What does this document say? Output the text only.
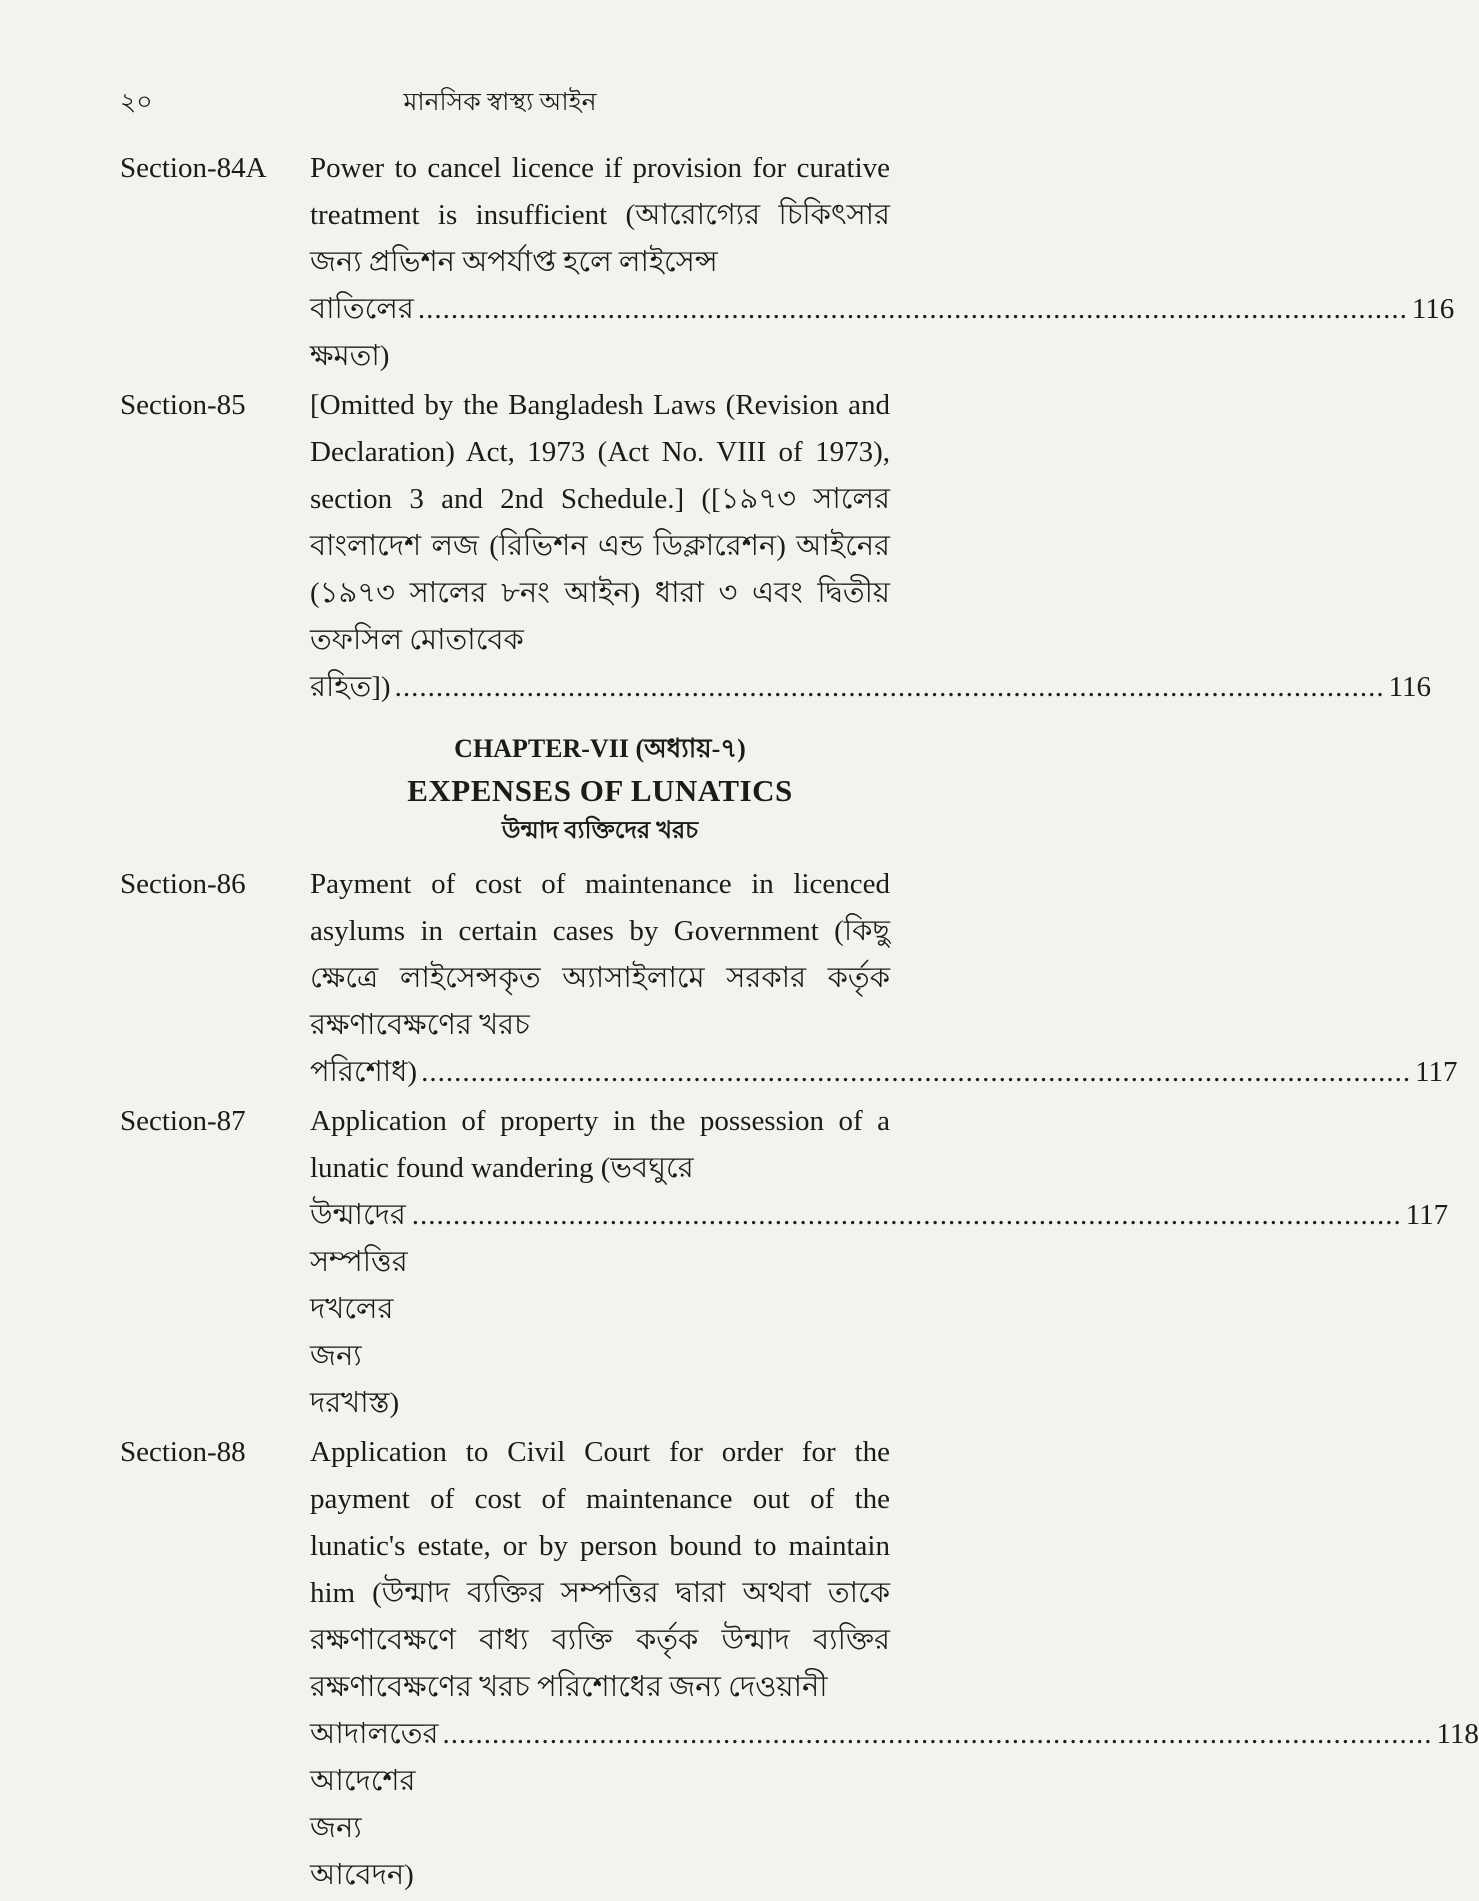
২০	মানসিক স্বাস্থ্য আইন
Section-84A	Power to cancel licence if provision for curative treatment is insufficient (আরোগ্যের চিকিৎসার জন্য প্রভিশন অপর্যাপ্ত হলে লাইসেন্স
বাতিলের ক্ষমতা)
........................................................................................................................ 116
Section-85	[Omitted by the Bangladesh Laws (Revision and Declaration) Act, 1973 (Act No. VIII of 1973), section 3 and 2nd Schedule.] ([১৯৭৩ সালের বাংলাদেশ লজ (রিভিশন এন্ড ডিক্লারেশন) আইনের (১৯৭৩ সালের ৮নং আইন) ধারা ৩ এবং দ্বিতীয় তফসিল মোতাবেক
রহিত]) ........................................................................................................................ 116
CHAPTER-VII (অধ্যায়-৭)
EXPENSES OF LUNATICS
উন্মাদ ব্যক্তিদের খরচ
Section-86	Payment of cost of maintenance in licenced asylums in certain cases by Government (কিছু ক্ষেত্রে লাইসেন্সকৃত অ্যাসাইলামে সরকার কর্তৃক রক্ষণাবেক্ষণের খরচ
পরিশোধ) ........................................................................................................................ 117
Section-87	Application of property in the possession of a lunatic found wandering (ভবঘুরে
উন্মাদের সম্পত্তির দখলের জন্য দরখাস্ত)
........................................................................................................................ 117
Section-88	Application to Civil Court for order for the payment of cost of maintenance out of the lunatic's estate, or by person bound to maintain him (উন্মাদ ব্যক্তির সম্পত্তির দ্বারা অথবা তাকে রক্ষণাবেক্ষণে বাধ্য ব্যক্তি কর্তৃক উন্মাদ ব্যক্তির রক্ষণাবেক্ষণের খরচ পরিশোধের জন্য দেওয়ানী
আদালতের আদেশের জন্য আবেদন)
........................................................................................................................ 118
